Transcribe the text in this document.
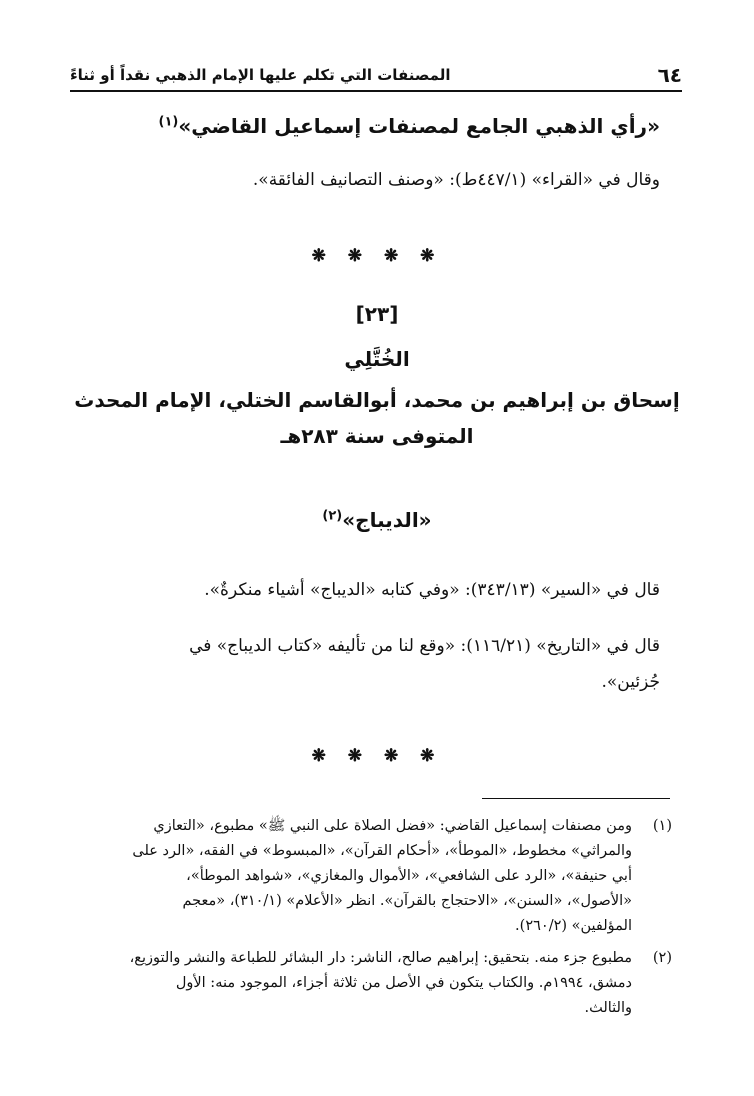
٦٤
المصنفات التي تكلم عليها الإمام الذهبي نقداً أو ثناءً
«رأي الذهبي الجامع لمصنفات إسماعيل القاضي»$^{(١)}$
وقال في «القراء» (٤٤٧/١ط): «وصنف التصانيف الفائقة».
❋ ❋ ❋ ❋
[٢٣]
الخُتَّلِي
إسحاق بن إبراهيم بن محمد، أبوالقاسم الختلي، الإمام المحدث
المتوفى سنة ٢٨٣هـ
«الديباج»$^{(٢)}$
قال في «السير» (٣٤٣/١٣): «وفي كتابه «الديباج» أشياء منكرةٌ».
قال في «التاريخ» (١١٦/٢١): «وقع لنا من تأليفه «كتاب الديباج» في
جُزئين».
❋ ❋ ❋ ❋
(١)
ومن مصنفات إسماعيل القاضي: «فضل الصلاة على النبي ﷺ» مطبوع، «التعازي
والمراثي» مخطوط، «الموطأ»، «أحكام القرآن»، «المبسوط» في الفقه، «الرد على
أبي حنيفة»، «الرد على الشافعي»، «الأموال والمغازي»، «شواهد الموطأ»،
«الأصول»، «السنن»، «الاحتجاج بالقرآن». انظر «الأعلام» (٣١٠/١)، «معجم
المؤلفين» (٢٦٠/٢).
(٢)
مطبوع جزء منه. بتحقيق: إبراهيم صالح، الناشر: دار البشائر للطباعة والنشر والتوزيع،
دمشق، ١٩٩٤م. والكتاب يتكون في الأصل من ثلاثة أجزاء، الموجود منه: الأول
والثالث.
